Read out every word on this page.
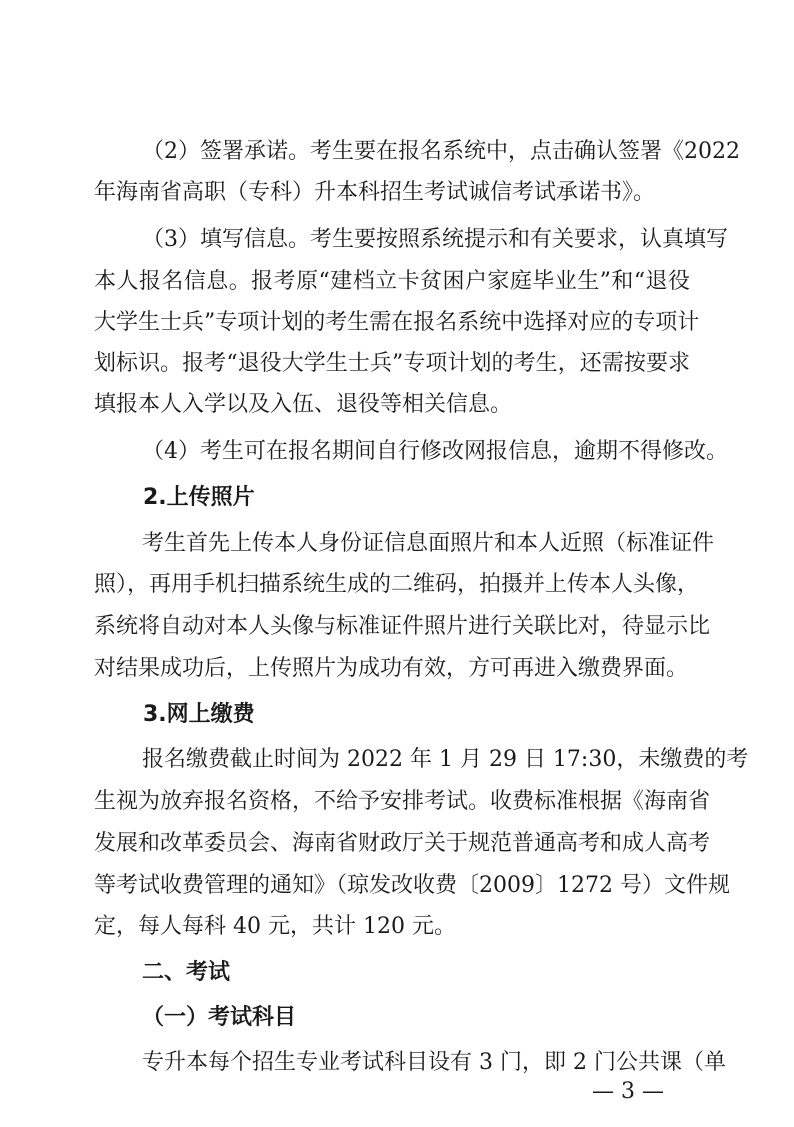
（2）签署承诺。考生要在报名系统中，点击确认签署《2022
年海南省高职（专科）升本科招生考试诚信考试承诺书》。
（3）填写信息。考生要按照系统提示和有关要求，认真填写
本人报名信息。报考原“建档立卡贫困户家庭毕业生”和“退役
大学生士兵”专项计划的考生需在报名系统中选择对应的专项计
划标识。报考“退役大学生士兵”专项计划的考生，还需按要求
填报本人入学以及入伍、退役等相关信息。
（4）考生可在报名期间自行修改网报信息，逾期不得修改。
2.上传照片
考生首先上传本人身份证信息面照片和本人近照（标准证件
照），再用手机扫描系统生成的二维码，拍摄并上传本人头像，
系统将自动对本人头像与标准证件照片进行关联比对，待显示比
对结果成功后，上传照片为成功有效，方可再进入缴费界面。
3.网上缴费
报名缴费截止时间为 2022 年 1 月 29 日 17:30，未缴费的考
生视为放弃报名资格，不给予安排考试。收费标准根据《海南省
发展和改革委员会、海南省财政厅关于规范普通高考和成人高考
等考试收费管理的通知》（琼发改收费〔2009〕1272 号）文件规
定，每人每科 40 元，共计 120 元。
二、考试
（一）考试科目
专升本每个招生专业考试科目设有 3 门，即 2 门公共课（单
— 3 —
